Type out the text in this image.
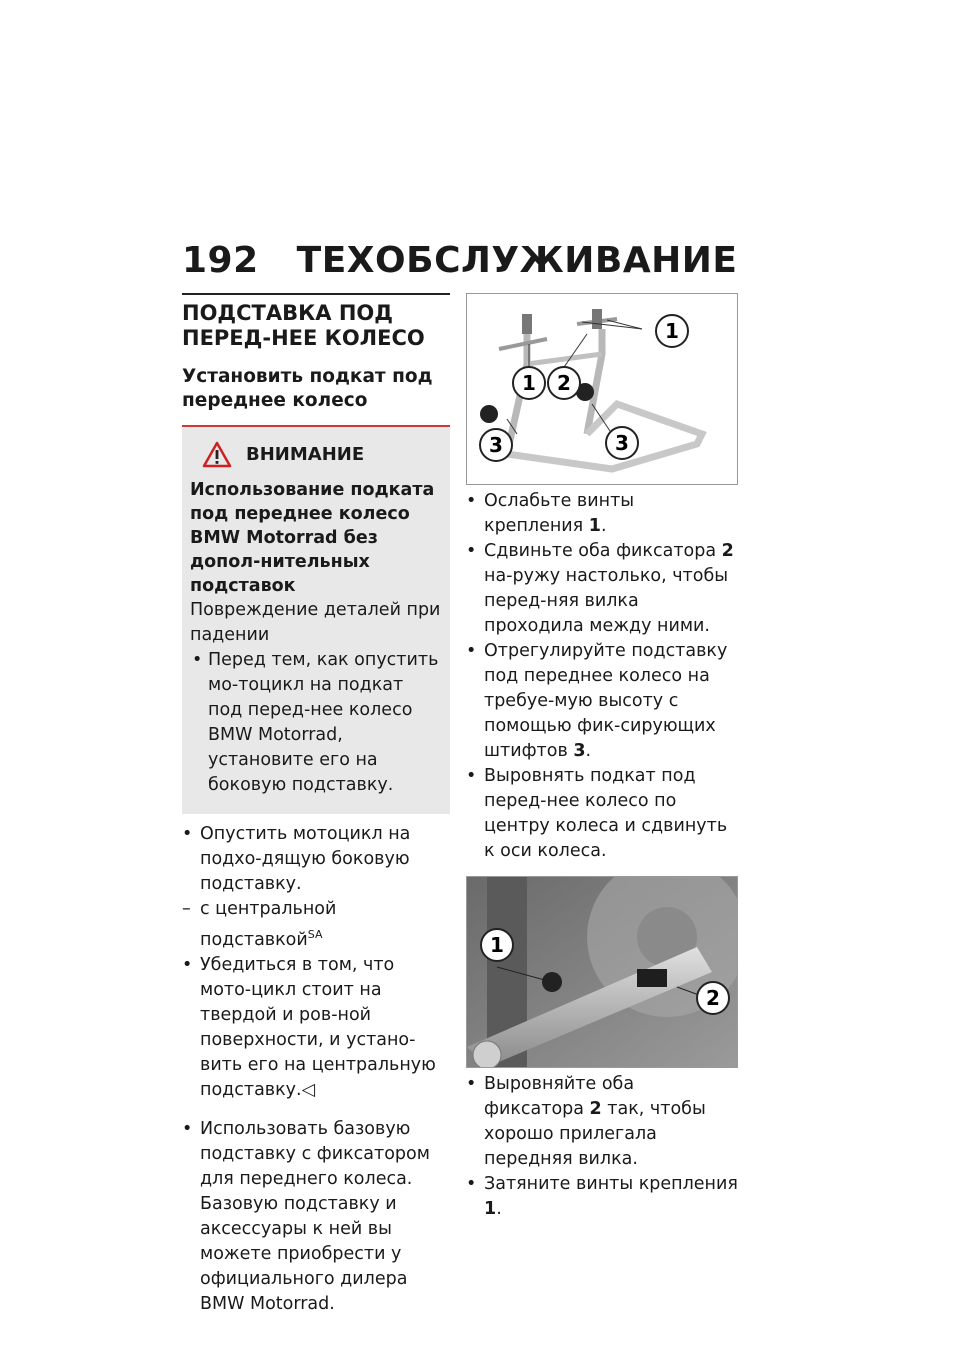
192 ТЕХОБСЛУЖИВАНИЕ
ПОДСТАВКА ПОД ПЕРЕД-НЕЕ КОЛЕСО
Установить подкат под переднее колесо
ВНИМАНИЕ
Использование подката под переднее колесо BMW Motorrad без допол-нительных подставок
Повреждение деталей при падении
• Перед тем, как опустить мо-тоцикл на подкат под перед-нее колесо BMW Motorrad, установите его на боковую подставку.
• Опустить мотоцикл на подхо-дящую боковую подставку.
– с центральной подставкой$^{SA}$
• Убедиться в том, что мото-цикл стоит на твердой и ров-ной поверхности, и устано-вить его на центральную подставку.◁
• Использовать базовую подставку с фиксатором для переднего колеса. Базовую подставку и аксессуары к ней вы можете приобрести у официального дилера BMW Motorrad.
1
2
1
3	3
• Ослабьте винты крепления 1.
• Сдвиньте оба фиксатора 2 на-ружу настолько, чтобы перед-няя вилка проходила между ними.
• Отрегулируйте подставку под переднее колесо на требуе-мую высоту с помощью фик-сирующих штифтов 3.
• Выровнять подкат под перед-нее колесо по центру колеса и сдвинуть к оси колеса.
1
2
• Выровняйте оба фиксатора 2 так, чтобы хорошо прилегала передняя вилка.
• Затяните винты крепления 1.
